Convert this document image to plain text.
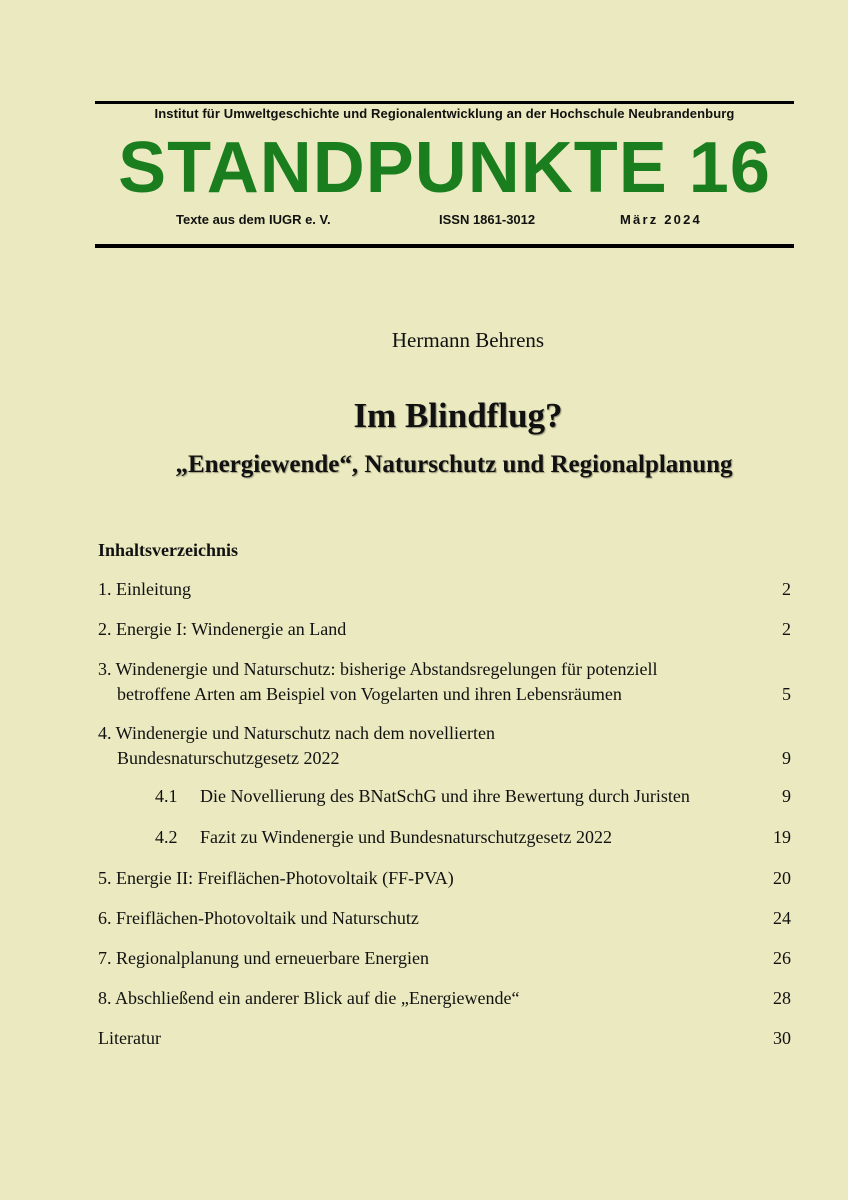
Institut für Umweltgeschichte und Regionalentwicklung an der Hochschule Neubrandenburg
STANDPUNKTE 16
Texte aus dem IUGR e. V.	ISSN 1861-3012	März 2024
Hermann Behrens
Im Blindflug?
„Energiewende“, Naturschutz und Regionalplanung
Inhaltsverzeichnis
1. Einleitung	2
2. Energie I: Windenergie an Land	2
3. Windenergie und Naturschutz: bisherige Abstandsregelungen für potenziell
betroffene Arten am Beispiel von Vogelarten und ihren Lebensräumen	5
4. Windenergie und Naturschutz nach dem novellierten
Bundesnaturschutzgesetz 2022	9
4.1 Die Novellierung des BNatSchG und ihre Bewertung durch Juristen	9
4.2 Fazit zu Windenergie und Bundesnaturschutzgesetz 2022	19
5. Energie II: Freiflächen-Photovoltaik (FF-PVA)	20
6. Freiflächen-Photovoltaik und Naturschutz	24
7. Regionalplanung und erneuerbare Energien	26
8. Abschließend ein anderer Blick auf die „Energiewende“	28
Literatur	30
